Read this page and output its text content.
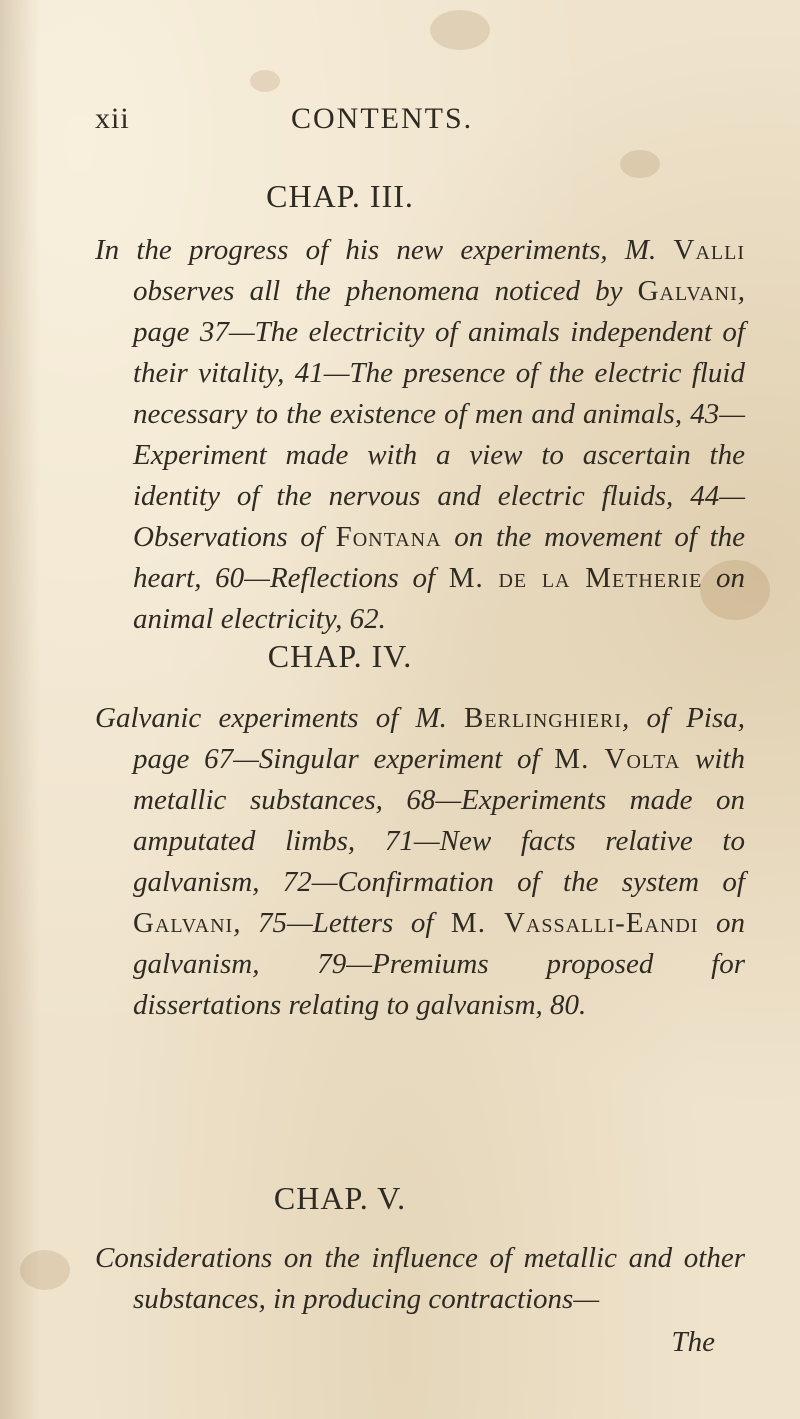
xii	CONTENTS.
CHAP. III.

In the progress of his new experiments, M. Valli observes all the phenomena noticed by Galvani, page 37—The electricity of animals independent of their vitality, 41—The presence of the electric fluid necessary to the existence of men and animals, 43—Experiment made with a view to ascertain the identity of the nervous and electric fluids, 44—Observations of Fontana on the movement of the heart, 60—Reflections of M. de la Metherie on animal electricity, 62.

CHAP. IV.

Galvanic experiments of M. Berlinghieri, of Pisa, page 67—Singular experiment of M. Volta with metallic substances, 68—Experiments made on amputated limbs, 71—New facts relative to galvanism, 72—Confirmation of the system of Galvani, 75—Letters of M. Vassalli-Eandi on galvanism, 79—Premiums proposed for dissertations relating to galvanism, 80.

CHAP. V.

Considerations on the influence of metallic and other substances, in producing contractions—

The
